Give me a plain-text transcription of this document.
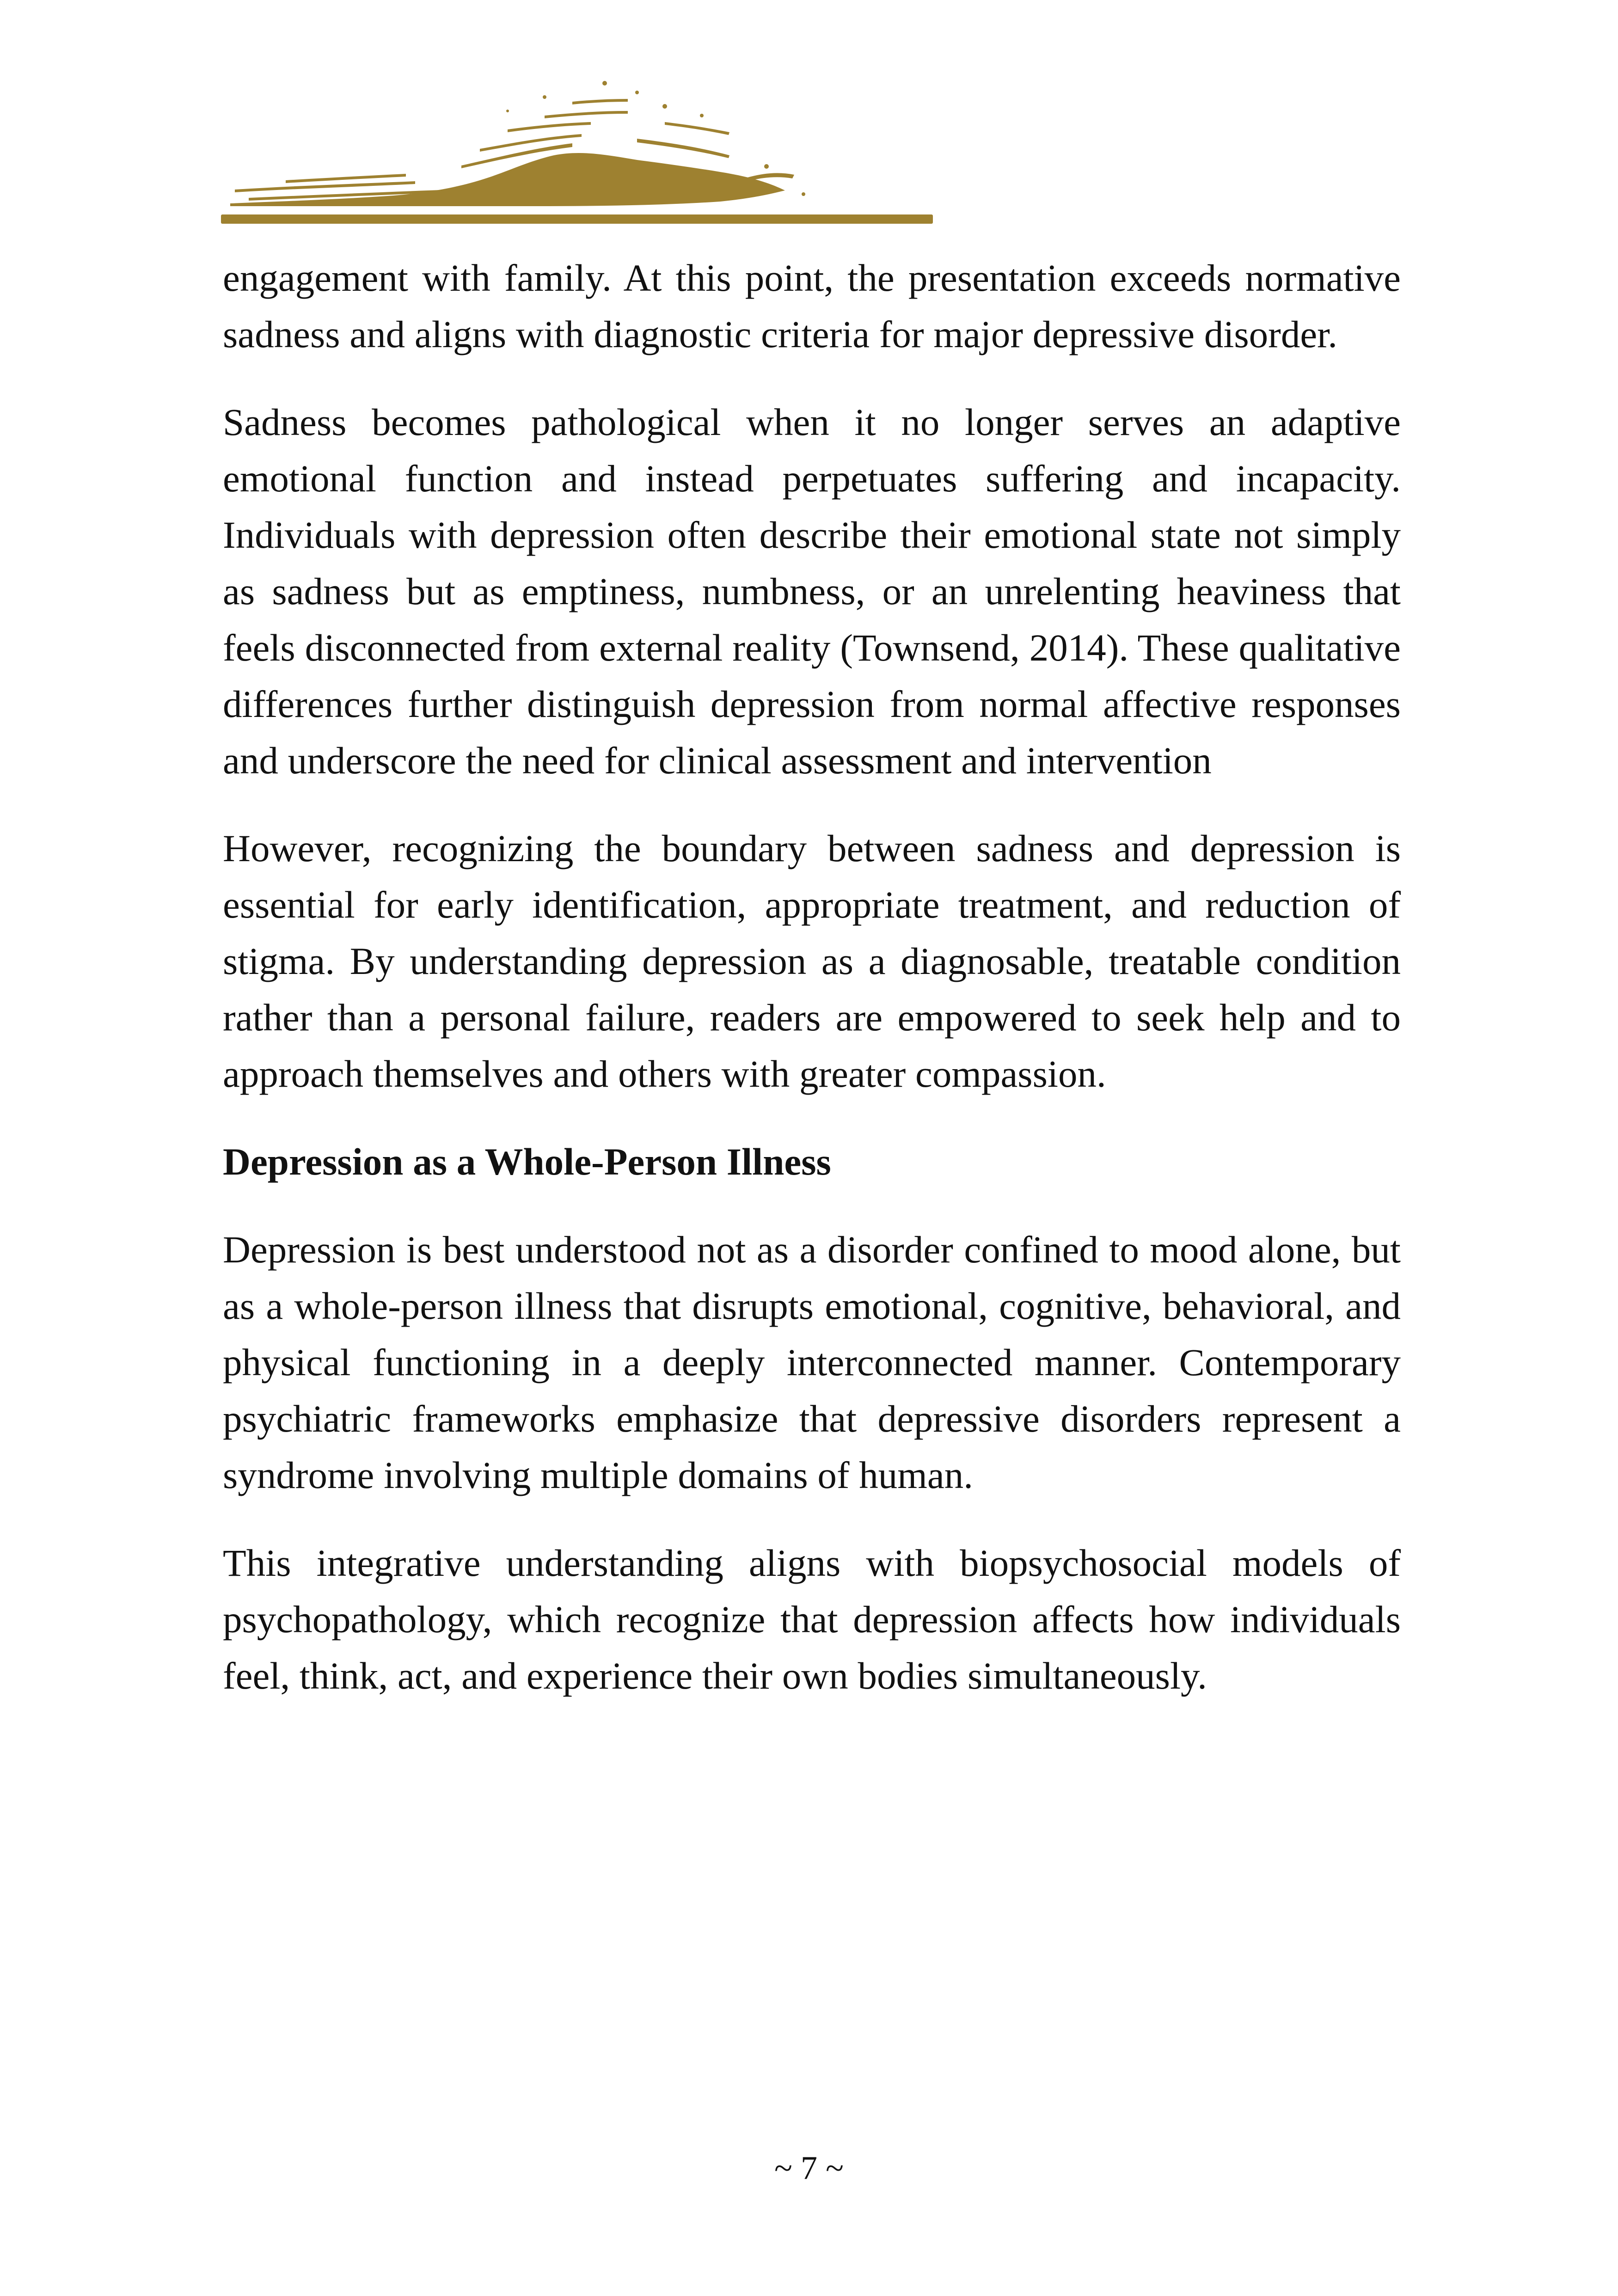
engagement with family. At this point, the presentation exceeds normative sadness and aligns with diagnostic criteria for major depressive disorder.

Sadness becomes pathological when it no longer serves an adaptive emotional function and instead perpetuates suffering and incapacity. Individuals with depression often describe their emotional state not simply as sadness but as emptiness, numbness, or an unrelenting heaviness that feels disconnected from external reality (Townsend, 2014). These qualitative differences further distinguish depression from normal affective responses and underscore the need for clinical assessment and intervention

However, recognizing the boundary between sadness and depression is essential for early identification, appropriate treatment, and reduction of stigma. By understanding depression as a diagnosable, treatable condition rather than a personal failure, readers are empowered to seek help and to approach themselves and others with greater compassion.

Depression as a Whole-Person Illness

Depression is best understood not as a disorder confined to mood alone, but as a whole-person illness that disrupts emotional, cognitive, behavioral, and physical functioning in a deeply interconnected manner. Contemporary psychiatric frameworks emphasize that depressive disorders represent a syndrome involving multiple domains of human.

This integrative understanding aligns with biopsychosocial models of psychopathology, which recognize that depression affects how individuals feel, think, act, and experience their own bodies simultaneously.

~ 7 ~
